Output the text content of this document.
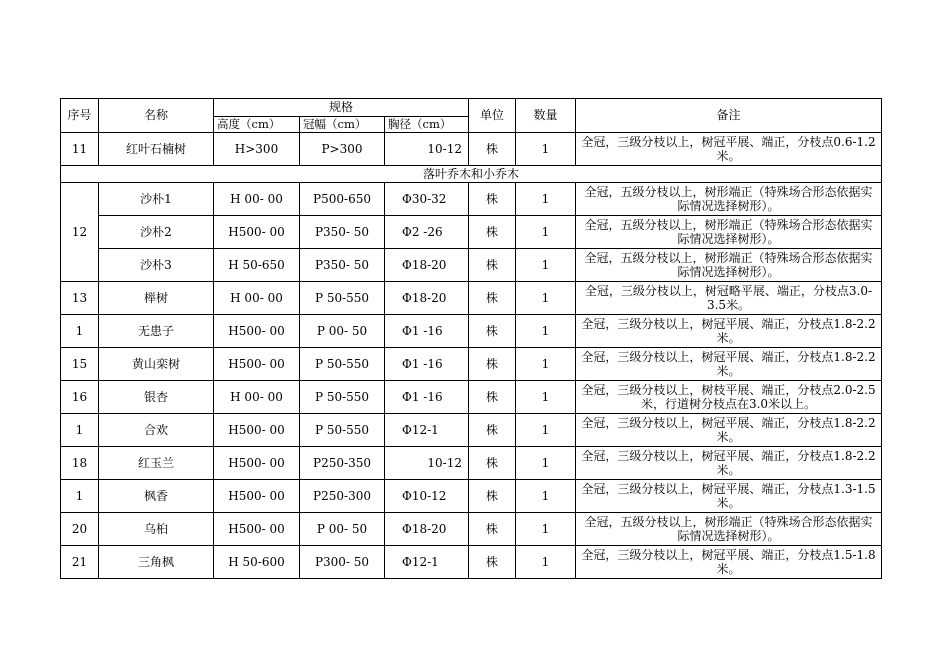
序号	名称	规格			单位	数量	备注
		高度（cm）	冠幅（cm）	胸径（cm）			
11	红叶石楠树	H>300	P>300	10-12	株	1	全冠，三级分枝以上，树冠平展、端正，分枝点0.6-1.2米。
落叶乔木和小乔木							
12	沙朴1	H 00- 00	P500-650	Φ30-32	株	1	全冠，五级分枝以上，树形端正（特殊场合形态依据实际情况选择树形）。
	沙朴2	H500- 00	P350- 50	Φ2 -26	株	1	全冠，五级分枝以上，树形端正（特殊场合形态依据实际情况选择树形）。
	沙朴3	H 50-650	P350- 50	Φ18-20	株	1	全冠，五级分枝以上，树形端正（特殊场合形态依据实际情况选择树形）。
13	榉树	H 00- 00	P 50-550	Φ18-20	株	1	全冠，三级分枝以上，树冠略平展、端正，分枝点3.0-3.5米。
1	无患子	H500- 00	P 00- 50	Φ1 -16	株	1	全冠，三级分枝以上，树冠平展、端正，分枝点1.8-2.2米。
15	黄山栾树	H500- 00	P 50-550	Φ1 -16	株	1	全冠，三级分枝以上，树冠平展、端正，分枝点1.8-2.2米。
16	银杏	H 00- 00	P 50-550	Φ1 -16	株	1	全冠，三级分枝以上，树枝平展、端正，分枝点2.0-2.5米，行道树分枝点在3.0米以上。
1	合欢	H500- 00	P 50-550	Φ12-1	株	1	全冠，三级分枝以上，树冠平展、端正，分枝点1.8-2.2米。
18	红玉兰	H500- 00	P250-350	10-12	株	1	全冠，三级分枝以上，树冠平展、端正，分枝点1.8-2.2米。
1	枫香	H500- 00	P250-300	Φ10-12	株	1	全冠，三级分枝以上，树冠平展、端正，分枝点1.3-1.5米。
20	乌桕	H500- 00	P 00- 50	Φ18-20	株	1	全冠，五级分枝以上，树形端正（特殊场合形态依据实际情况选择树形）。
21	三角枫	H 50-600	P300- 50	Φ12-1	株	1	全冠，三级分枝以上，树冠平展、端正，分枝点1.5-1.8米。
